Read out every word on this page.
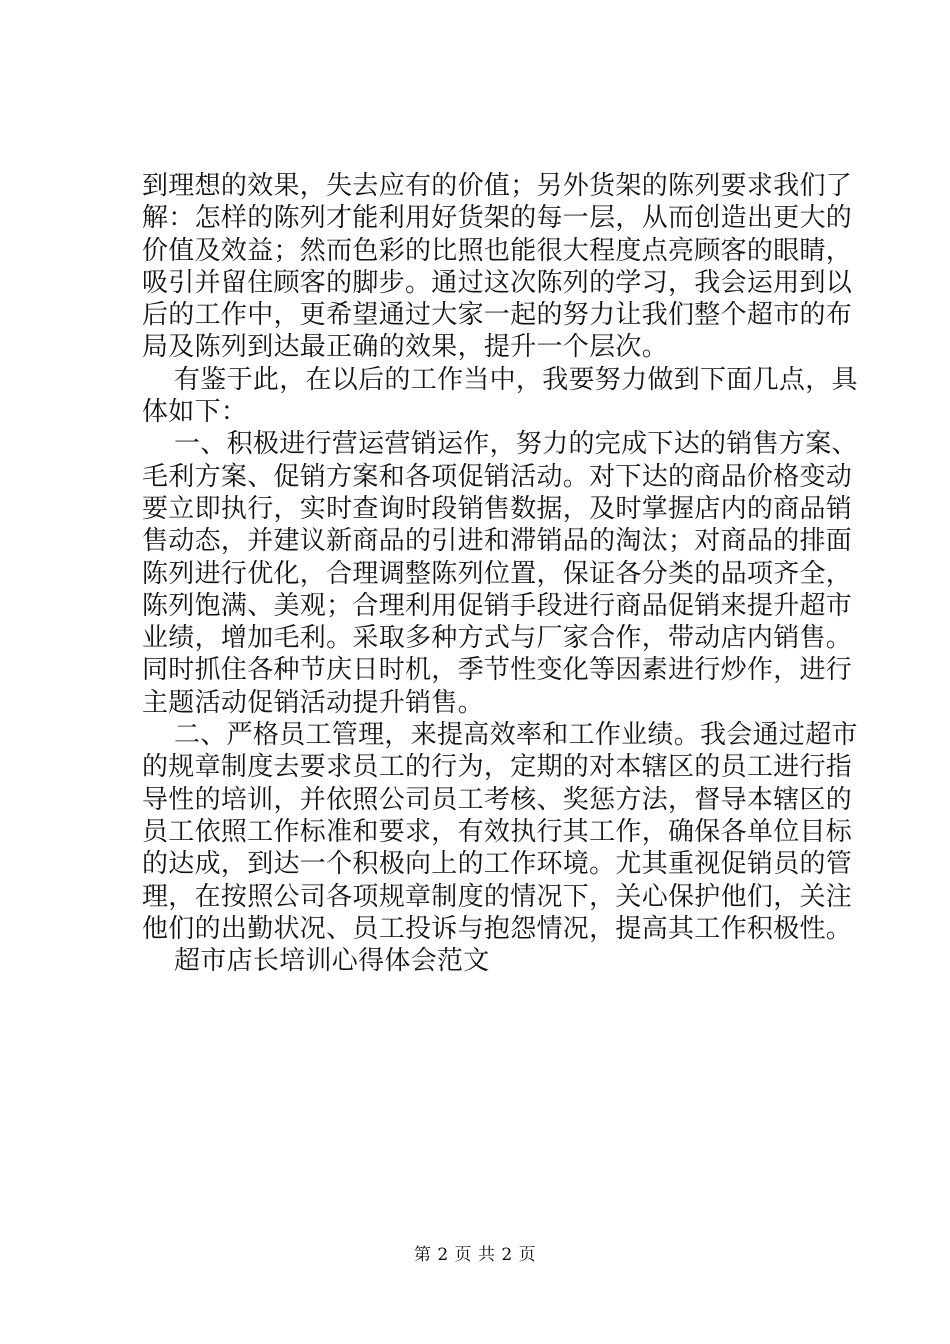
到理想的效果，失去应有的价值；另外货架的陈列要求我们了
解：怎样的陈列才能利用好货架的每一层，从而创造出更大的
价值及效益；然而色彩的比照也能很大程度点亮顾客的眼睛，
吸引并留住顾客的脚步。通过这次陈列的学习，我会运用到以
后的工作中，更希望通过大家一起的努力让我们整个超市的布
局及陈列到达最正确的效果，提升一个层次。
有鉴于此，在以后的工作当中，我要努力做到下面几点，具
体如下：
一、积极进行营运营销运作，努力的完成下达的销售方案、
毛利方案、促销方案和各项促销活动。对下达的商品价格变动
要立即执行，实时查询时段销售数据，及时掌握店内的商品销
售动态，并建议新商品的引进和滞销品的淘汰；对商品的排面
陈列进行优化，合理调整陈列位置，保证各分类的品项齐全，
陈列饱满、美观；合理利用促销手段进行商品促销来提升超市
业绩，增加毛利。采取多种方式与厂家合作，带动店内销售。
同时抓住各种节庆日时机，季节性变化等因素进行炒作，进行
主题活动促销活动提升销售。
二、严格员工管理，来提高效率和工作业绩。我会通过超市
的规章制度去要求员工的行为，定期的对本辖区的员工进行指
导性的培训，并依照公司员工考核、奖惩方法，督导本辖区的
员工依照工作标准和要求，有效执行其工作，确保各单位目标
的达成，到达一个积极向上的工作环境。尤其重视促销员的管
理，在按照公司各项规章制度的情况下，关心保护他们，关注
他们的出勤状况、员工投诉与抱怨情况，提高其工作积极性。
超市店长培训心得体会范文
第 2 页 共 2 页
